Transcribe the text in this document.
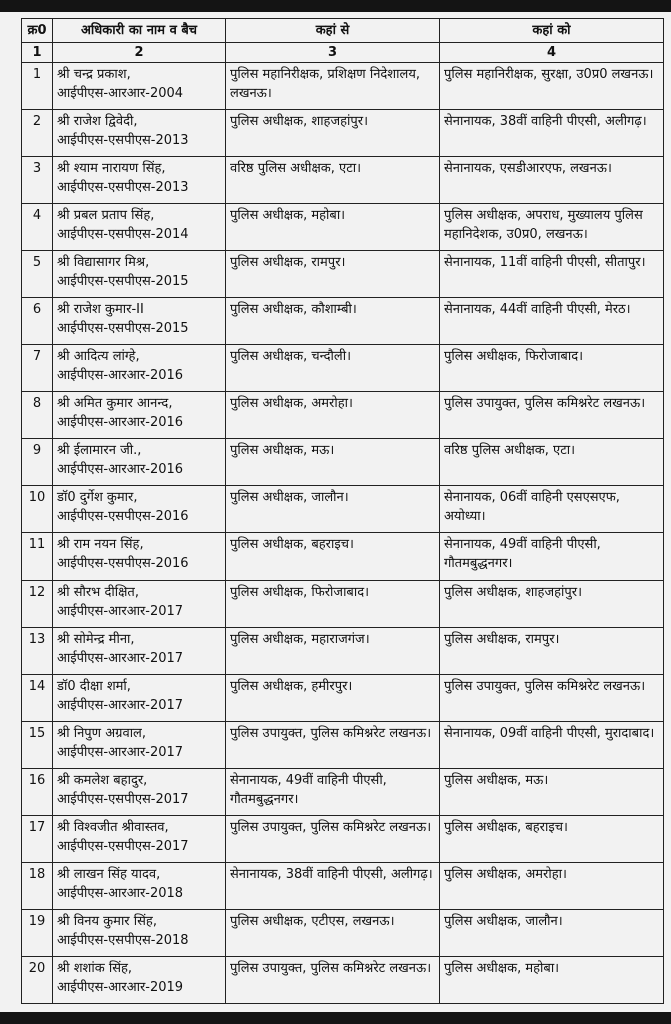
क्र0	अधिकारी का नाम व बैच	कहां से	कहां को
1	2	3	4
1	श्री चन्द्र प्रकाश,
आईपीएस-आरआर-2004	पुलिस महानिरीक्षक, प्रशिक्षण निदेशालय, लखनऊ।	पुलिस महानिरीक्षक, सुरक्षा, उ0प्र0 लखनऊ।
2	श्री राजेश द्विवेदी,
आईपीएस-एसपीएस-2013	पुलिस अधीक्षक, शाहजहांपुर।	सेनानायक, 38वीं वाहिनी पीएसी, अलीगढ़।
3	श्री श्याम नारायण सिंह,
आईपीएस-एसपीएस-2013	वरिष्ठ पुलिस अधीक्षक, एटा।	सेनानायक, एसडीआरएफ, लखनऊ।
4	श्री प्रबल प्रताप सिंह,
आईपीएस-एसपीएस-2014	पुलिस अधीक्षक, महोबा।	पुलिस अधीक्षक, अपराध, मुख्यालय पुलिस महानिदेशक, उ0प्र0, लखनऊ।
5	श्री विद्यासागर मिश्र,
आईपीएस-एसपीएस-2015	पुलिस अधीक्षक, रामपुर।	सेनानायक, 11वीं वाहिनी पीएसी, सीतापुर।
6	श्री राजेश कुमार-II
आईपीएस-एसपीएस-2015	पुलिस अधीक्षक, कौशाम्बी।	सेनानायक, 44वीं वाहिनी पीएसी, मेरठ।
7	श्री आदित्य लांग्हे,
आईपीएस-आरआर-2016	पुलिस अधीक्षक, चन्दौली।	पुलिस अधीक्षक, फिरोजाबाद।
8	श्री अमित कुमार आनन्द,
आईपीएस-आरआर-2016	पुलिस अधीक्षक, अमरोहा।	पुलिस उपायुक्त, पुलिस कमिश्नरेट लखनऊ।
9	श्री ईलामारन जी.,
आईपीएस-आरआर-2016	पुलिस अधीक्षक, मऊ।	वरिष्ठ पुलिस अधीक्षक, एटा।
10	डॉ0 दुर्गेश कुमार,
आईपीएस-एसपीएस-2016	पुलिस अधीक्षक, जालौन।	सेनानायक, 06वीं वाहिनी एसएसएफ, अयोध्या।
11	श्री राम नयन सिंह,
आईपीएस-एसपीएस-2016	पुलिस अधीक्षक, बहराइच।	सेनानायक, 49वीं वाहिनी पीएसी, गौतमबुद्धनगर।
12	श्री सौरभ दीक्षित,
आईपीएस-आरआर-2017	पुलिस अधीक्षक, फिरोजाबाद।	पुलिस अधीक्षक, शाहजहांपुर।
13	श्री सोमेन्द्र मीना,
आईपीएस-आरआर-2017	पुलिस अधीक्षक, महाराजगंज।	पुलिस अधीक्षक, रामपुर।
14	डॉ0 दीक्षा शर्मा,
आईपीएस-आरआर-2017	पुलिस अधीक्षक, हमीरपुर।	पुलिस उपायुक्त, पुलिस कमिश्नरेट लखनऊ।
15	श्री निपुण अग्रवाल,
आईपीएस-आरआर-2017	पुलिस उपायुक्त, पुलिस कमिश्नरेट लखनऊ।	सेनानायक, 09वीं वाहिनी पीएसी, मुरादाबाद।
16	श्री कमलेश बहादुर,
आईपीएस-एसपीएस-2017	सेनानायक, 49वीं वाहिनी पीएसी, गौतमबुद्धनगर।	पुलिस अधीक्षक, मऊ।
17	श्री विश्वजीत श्रीवास्तव,
आईपीएस-एसपीएस-2017	पुलिस उपायुक्त, पुलिस कमिश्नरेट लखनऊ।	पुलिस अधीक्षक, बहराइच।
18	श्री लाखन सिंह यादव,
आईपीएस-आरआर-2018	सेनानायक, 38वीं वाहिनी पीएसी, अलीगढ़।	पुलिस अधीक्षक, अमरोहा।
19	श्री विनय कुमार सिंह,
आईपीएस-एसपीएस-2018	पुलिस अधीक्षक, एटीएस, लखनऊ।	पुलिस अधीक्षक, जालौन।
20	श्री शशांक सिंह,
आईपीएस-आरआर-2019	पुलिस उपायुक्त, पुलिस कमिश्नरेट लखनऊ।	पुलिस अधीक्षक, महोबा।
